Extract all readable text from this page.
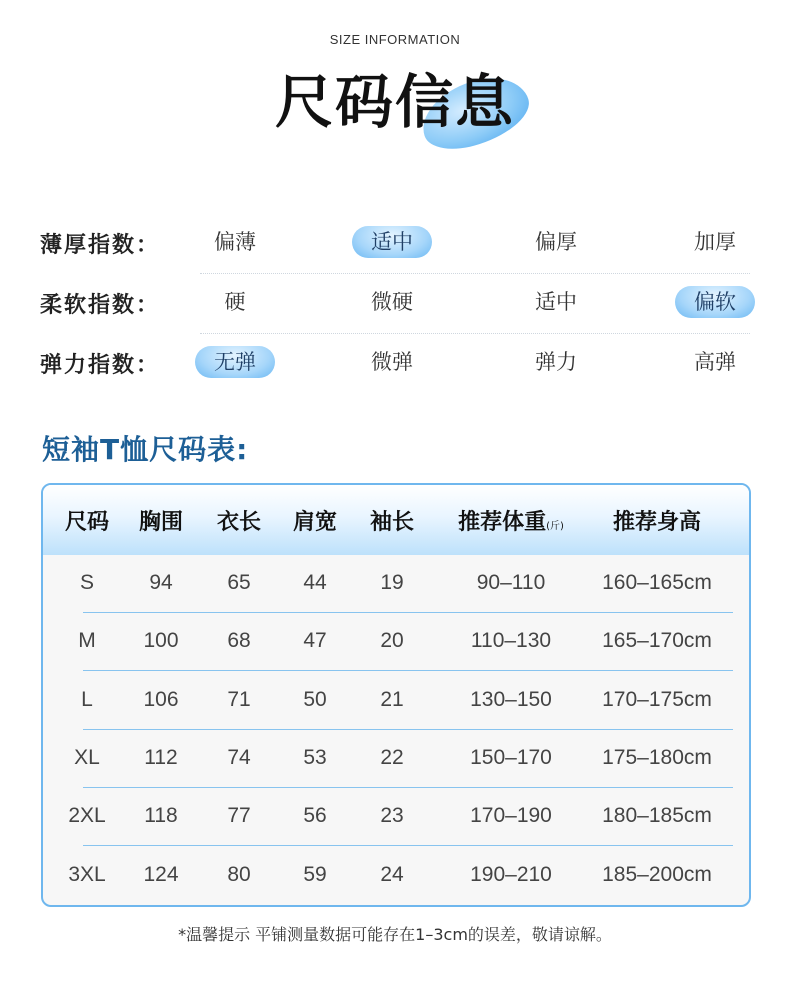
SIZE INFORMATION
尺码信息
薄厚指数：	偏薄	适中	偏厚	加厚
柔软指数：	硬	微硬	适中	偏软
弹力指数：	无弹	微弹	弹力	高弹
短袖T恤尺码表:
尺码	胸围	衣长	肩宽	袖长	推荐体重(斤)	推荐身高
S	94	65	44	19	90–110	160–165cm
M	100	68	47	20	110–130	165–170cm
L	106	71	50	21	130–150	170–175cm
XL	112	74	53	22	150–170	175–180cm
2XL	118	77	56	23	170–190	180–185cm
3XL	124	80	59	24	190–210	185–200cm
*温馨提示 平铺测量数据可能存在1–3cm的误差，敬请谅解。
